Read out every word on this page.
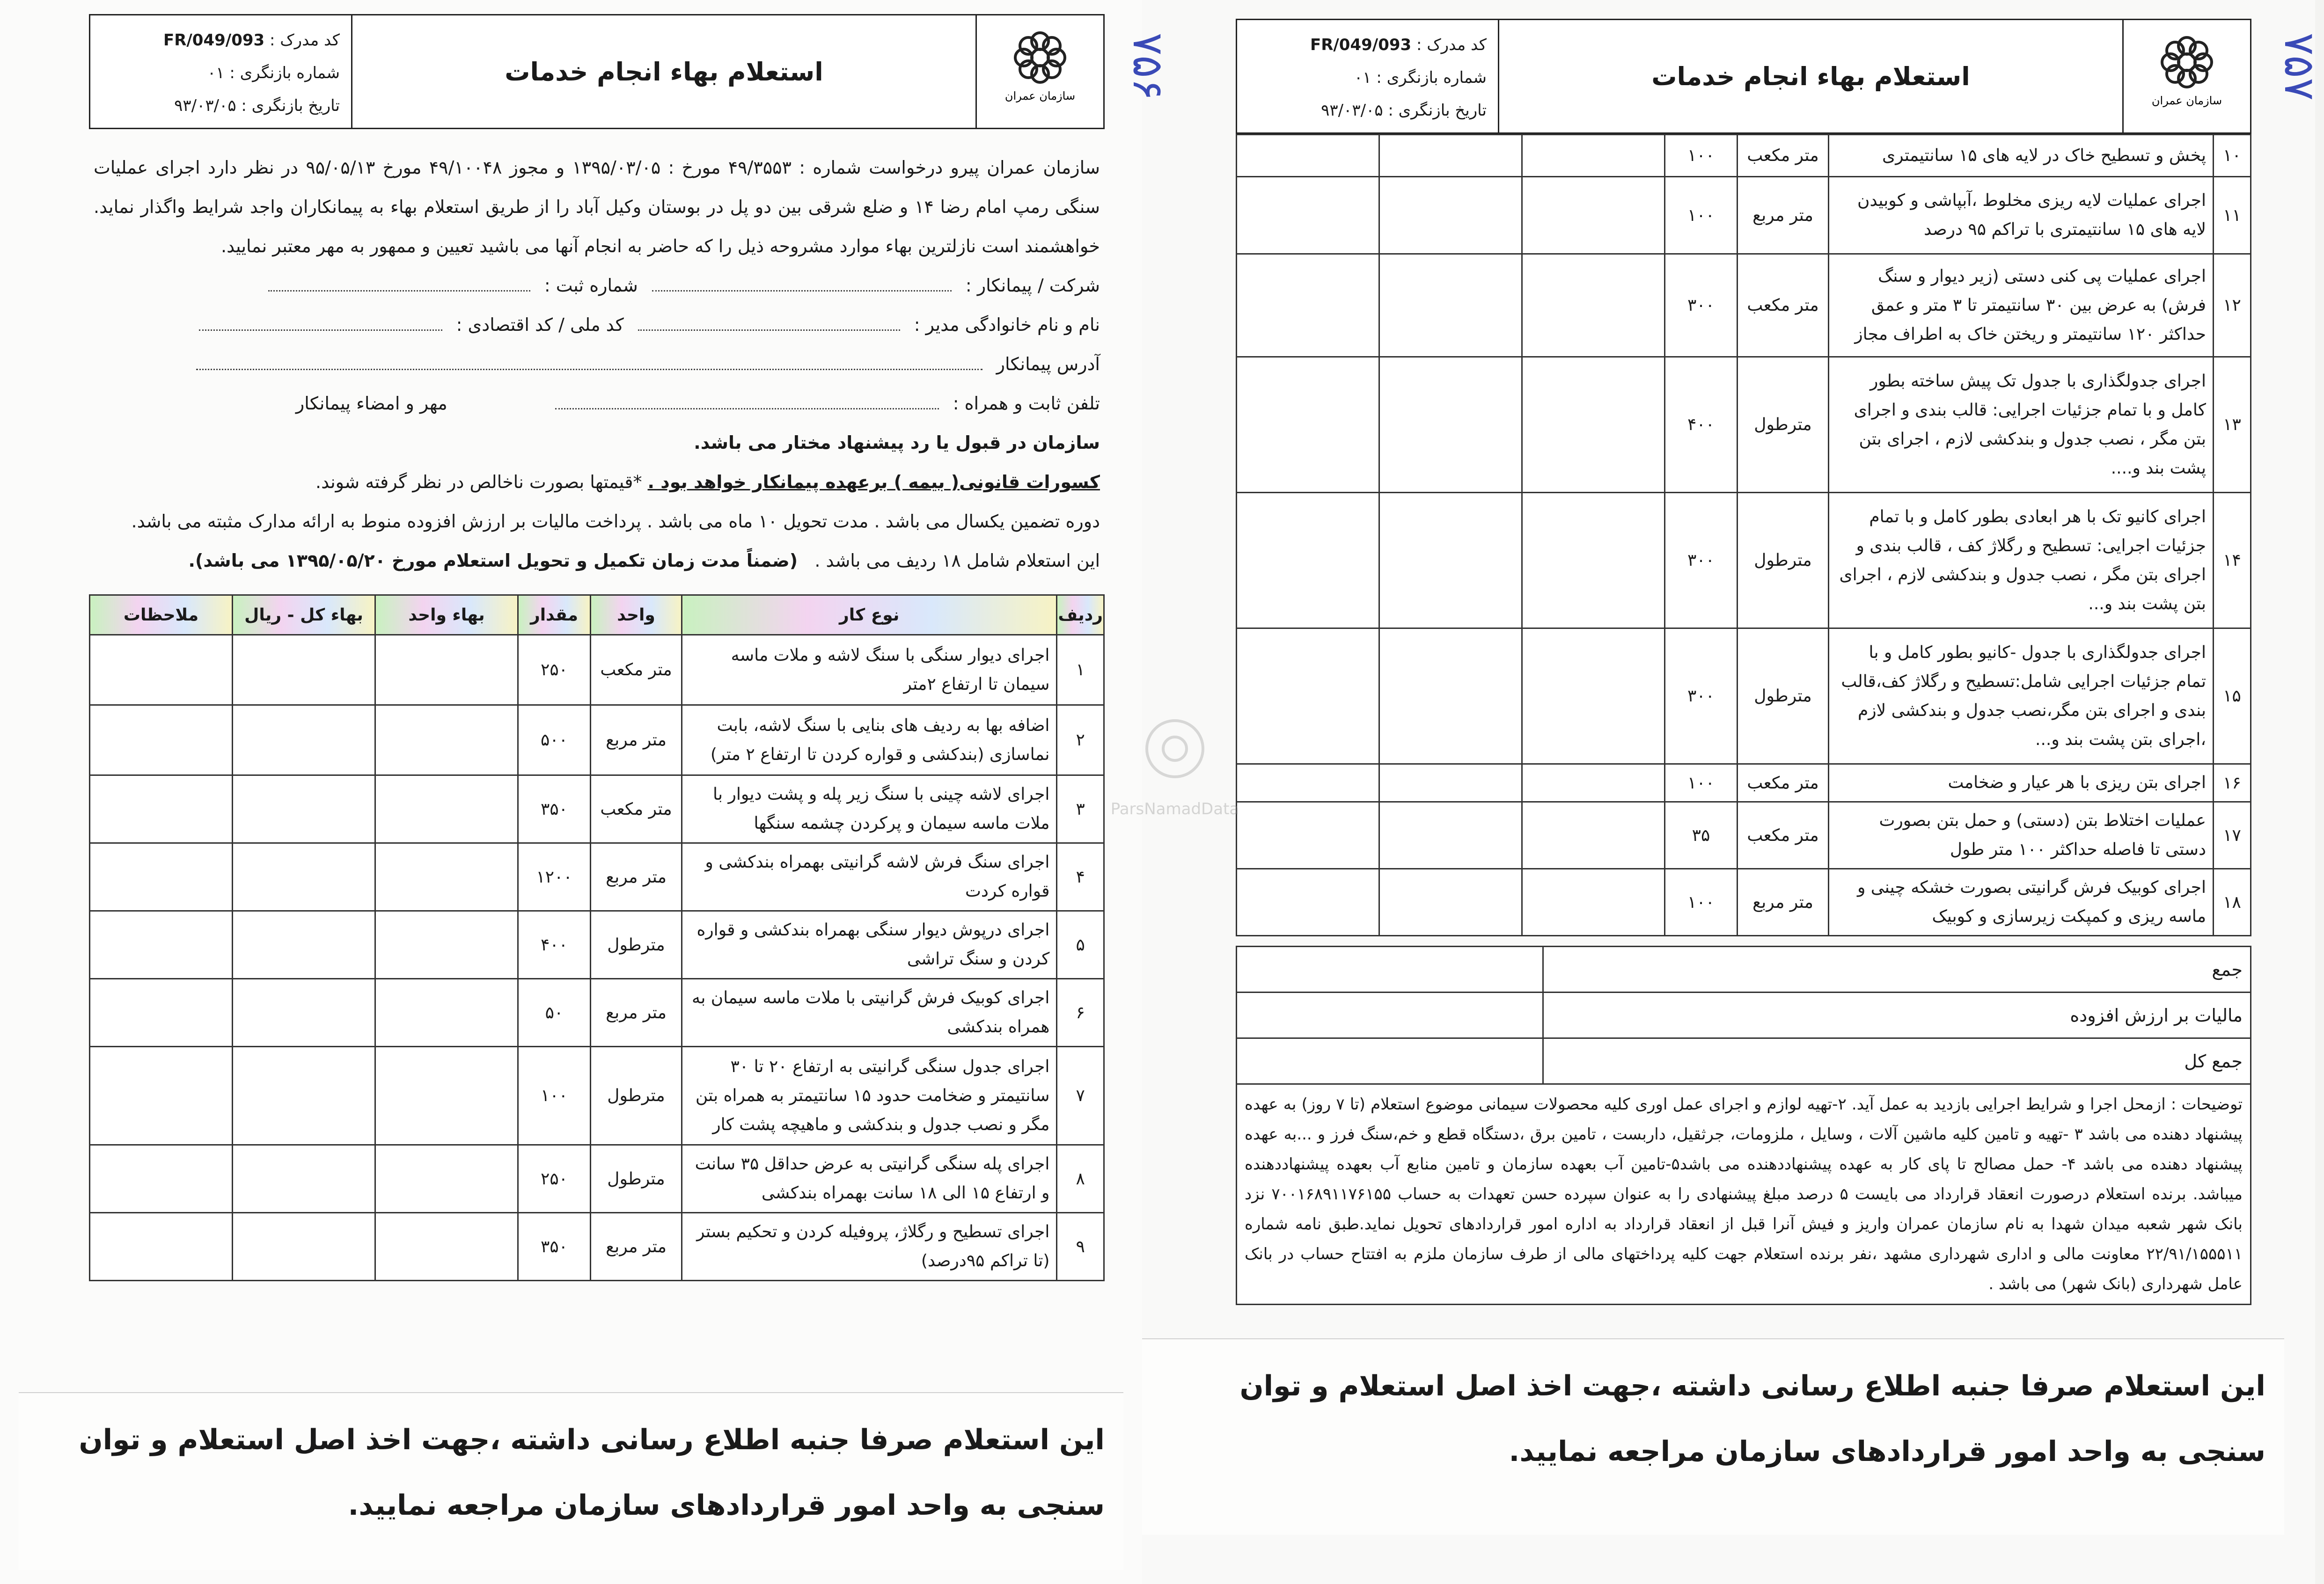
سازمان عمران
استعلام بهاء انجام خدمات
کد مدرک : FR/049/093
شماره بازنگری : ۰۱
تاریخ بازنگری : ۹۳/۰۳/۰۵

سازمان عمران پیرو درخواست شماره : ۴۹/۳۵۵۳ مورخ : ۱۳۹۵/۰۳/۰۵ و مجوز ۴۹/۱۰۰۴۸ مورخ ۹۵/۰۵/۱۳ در نظر دارد اجرای عملیات سنگی رمپ امام رضا ۱۴ و ضلع شرقی بین دو پل در بوستان وکیل آباد را از طریق استعلام بهاء به پیمانکاران واجد شرایط واگذار نماید. خواهشمند است نازلترین بهاء موارد مشروحه ذیل را که حاضر به انجام آنها می باشید تعیین و ممهور به مهر معتبر نمایید.

شرکت / پیمانکار :
شماره ثبت :
نام و نام خانوادگی مدیر :
کد ملی / کد اقتصادی :
آدرس پیمانکار
تلفن ثابت و همراه :
مهر و امضاء پیمانکار

سازمان در قبول یا رد پیشنهاد مختار می باشد.

کسورات قانونی( بیمه ) برعهده پیمانکار خواهد بود . *قیمتها بصورت ناخالص در نظر گرفته شوند.

دوره تضمین یکسال می باشد . مدت تحویل ۱۰ ماه می باشد . پرداخت مالیات بر ارزش افزوده منوط به ارائه مدارک مثبته می باشد.

این استعلام شامل ۱۸ ردیف می باشد .   (ضمناً مدت زمان تکمیل و تحویل استعلام مورخ ۱۳۹۵/۰۵/۲۰ می باشد).

ردیف	نوع کار	واحد	مقدار	بهاء واحد	بهاء کل - ریال	ملاحظات
۱	اجرای دیوار سنگی با سنگ لاشه و ملات ماسه سیمان تا ارتفاع ۲متر	متر مکعب	۲۵۰			
۲	اضافه بها به ردیف های بنایی با سنگ لاشه، بابت نماسازی (بندکشی و قواره کردن تا ارتفاع ۲ متر)	متر مربع	۵۰۰			
۳	اجرای لاشه چینی با سنگ زیر پله و پشت دیوار با ملات ماسه سیمان و پرکردن چشمه سنگها	متر مکعب	۳۵۰			
۴	اجرای سنگ فرش لاشه گرانیتی بهمراه بندکشی و قواره کردت	متر مربع	۱۲۰۰			
۵	اجرای درپوش دیوار سنگی بهمراه بندکشی و قواره کردن و سنگ تراشی	مترطول	۴۰۰			
۶	اجرای کوبیک فرش گرانیتی با ملات ماسه سیمان به همراه بندکشی	متر مربع	۵۰			
۷	اجرای جدول سنگی گرانیتی به ارتفاع ۲۰ تا ۳۰ سانتیمتر و ضخامت حدود ۱۵ سانتیمتر به همراه بتن مگر و نصب جدول و بندکشی و ماهیچه پشت کار	مترطول	۱۰۰			
۸	اجرای پله سنگی گرانیتی به عرض حداقل ۳۵ سانت و ارتفاع ۱۵ الی ۱۸ سانت بهمراه بندکشی	مترطول	۲۵۰			
۹	اجرای تسطیح و رگلاژ، پروفیله کردن و تحکیم بستر (تا تراکم ۹۵درصد)	متر مربع	۳۵۰			
سازمان عمران
استعلام بهاء انجام خدمات
کد مدرک : FR/049/093
شماره بازنگری : ۰۱
تاریخ بازنگری : ۹۳/۰۳/۰۵
۱۰	پخش و تسطیح خاک در لایه های ۱۵ سانتیمتری	متر مکعب	۱۰۰			
۱۱	اجرای عملیات لایه ریزی مخلوط ،آبپاشی و کوبیدن لایه های ۱۵ سانتیمتری با تراکم ۹۵ درصد	متر مربع	۱۰۰			
۱۲	اجرای عملیات پی کنی دستی (زیر دیوار و سنگ فرش) به عرض بین ۳۰ سانتیمتر تا ۳ متر و عمق حداکثر ۱۲۰ سانتیمتر و ریختن خاک به اطراف مجاز	متر مکعب	۳۰۰			
۱۳	اجرای جدولگذاری با جدول تک پیش ساخته بطور کامل و با تمام جزئیات اجرایی: قالب بندی و اجرای بتن مگر ، نصب جدول و بندکشی لازم ، اجرای بتن پشت بند و....	مترطول	۴۰۰			
۱۴	اجرای کانیو تک با هر ابعادی بطور کامل و با تمام جزئیات اجرایی: تسطیح و رگلاژ کف ، قالب بندی و اجرای بتن مگر ، نصب جدول و بندکشی لازم ، اجرای بتن پشت بند و...	مترطول	۳۰۰			
۱۵	اجرای جدولگذاری با جدول -کانیو بطور کامل و با تمام جزئیات اجرایی شامل:تسطیح و رگلاژ کف،قالب بندی و اجرای بتن مگر،نصب جدول و بندکشی لازم ،اجرای بتن پشت بند و...	مترطول	۳۰۰			
۱۶	اجرای بتن ریزی با هر عیار و ضخامت	متر مکعب	۱۰۰			
۱۷	عملیات اختلاط بتن (دستی) و حمل بتن بصورت دستی تا فاصله حداکثر ۱۰۰ متر طول	متر مکعب	۳۵			
۱۸	اجرای کوبیک فرش گرانیتی بصورت خشکه چینی و ماسه ریزی و کمپکت زیرسازی و کوبیک	متر مربع	۱۰۰			
جمع	
مالیات بر ارزش افزوده	
جمع کل	
توضیحات : ازمحل اجرا و شرایط اجرایی بازدید به عمل آید. ۲-تهیه لوازم و اجرای عمل اوری کلیه محصولات سیمانی موضوع استعلام (تا ۷ روز) به عهده پیشنهاد دهنده می باشد ۳ -تهیه و تامین کلیه ماشین آلات ، وسایل ، ملزومات، جرثقیل، داربست ، تامین برق ،دستگاه قطع و خم،سنگ فرز و ...به عهده پیشنهاد دهنده می باشد ۴- حمل مصالح تا پای کار به عهده پیشنهاددهنده می باشد۵-تامین آب بعهده سازمان و تامین منابع آب بعهده پیشنهاددهنده میباشد. برنده استعلام درصورت انعقاد قرارداد می بایست ۵ درصد مبلغ پیشنهادی را به عنوان سپرده حسن تعهدات به حساب ۷۰۰۱۶۸۹۱۱۷۶۱۵۵ نزد بانک شهر شعبه میدان شهدا به نام سازمان عمران واریز و فیش آنرا قبل از انعقاد قرارداد به اداره امور قراردادهای تحویل نماید.طبق نامه شماره ۲۲/۹۱/۱۵۵۵۱۱ معاونت مالی و اداری شهرداری مشهد ،نفر برنده استعلام جهت کلیه پرداختهای مالی از طرف سازمان ملزم به افتتاح حساب در بانک عامل شهرداری (بانک شهر) می باشد .
ParsNamadData
۷۵۶	۷۵۷
این استعلام صرفا جنبه اطلاع رسانی داشته ،جهت اخذ اصل استعلام و توان سنجی به واحد امور قراردادهای سازمان مراجعه نمایید.
این استعلام صرفا جنبه اطلاع رسانی داشته ،جهت اخذ اصل استعلام و توان سنجی به واحد امور قراردادهای سازمان مراجعه نمایید.
